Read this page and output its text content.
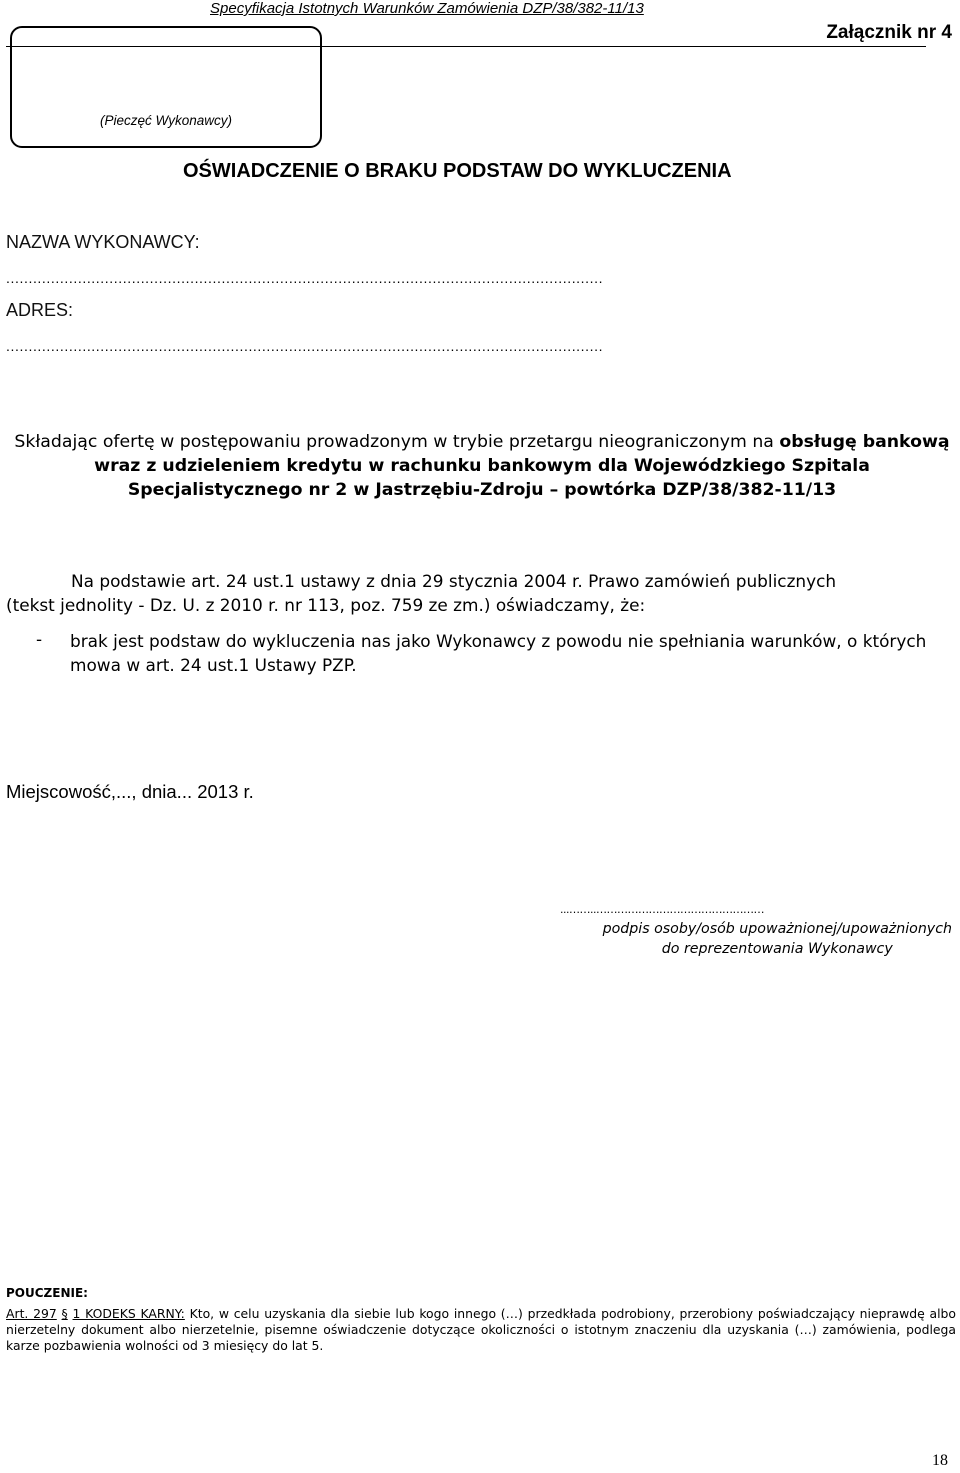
Specyfikacja Istotnych Warunków Zamówienia DZP/38/382-11/13
Załącznik nr 4
(Pieczęć Wykonawcy)
OŚWIADCZENIE O BRAKU PODSTAW DO WYKLUCZENIA
NAZWA WYKONAWCY:
.....................................................................................................................................
ADRES:
.....................................................................................................................................
Składając ofertę w postępowaniu prowadzonym w trybie przetargu nieograniczonym na obsługę bankową wraz z udzieleniem kredytu w rachunku bankowym dla Wojewódzkiego Szpitala Specjalistycznego nr 2 w Jastrzębiu-Zdroju – powtórka DZP/38/382-11/13
Na podstawie art. 24 ust.1 ustawy z dnia 29 stycznia 2004 r. Prawo zamówień publicznych
(tekst jednolity - Dz. U. z 2010 r. nr 113, poz. 759 ze zm.) oświadczamy, że:
- brak jest podstaw do wykluczenia nas jako Wykonawcy z powodu nie spełniania warunków, o których mowa w art. 24 ust.1 Ustawy PZP.
Miejscowość,..., dnia... 2013 r.
...……..…………………………………………
podpis osoby/osób upoważnionej/upoważnionych
do reprezentowania Wykonawcy
POUCZENIE:
Art. 297 § 1 KODEKS KARNY: Kto, w celu uzyskania dla siebie lub kogo innego (…) przedkłada podrobiony, przerobiony poświadczający nieprawdę albo nierzetelny dokument albo nierzetelnie, pisemne oświadczenie dotyczące okoliczności o istotnym znaczeniu dla uzyskania (…) zamówienia, podlega karze pozbawienia wolności od 3 miesięcy do lat 5.
18
